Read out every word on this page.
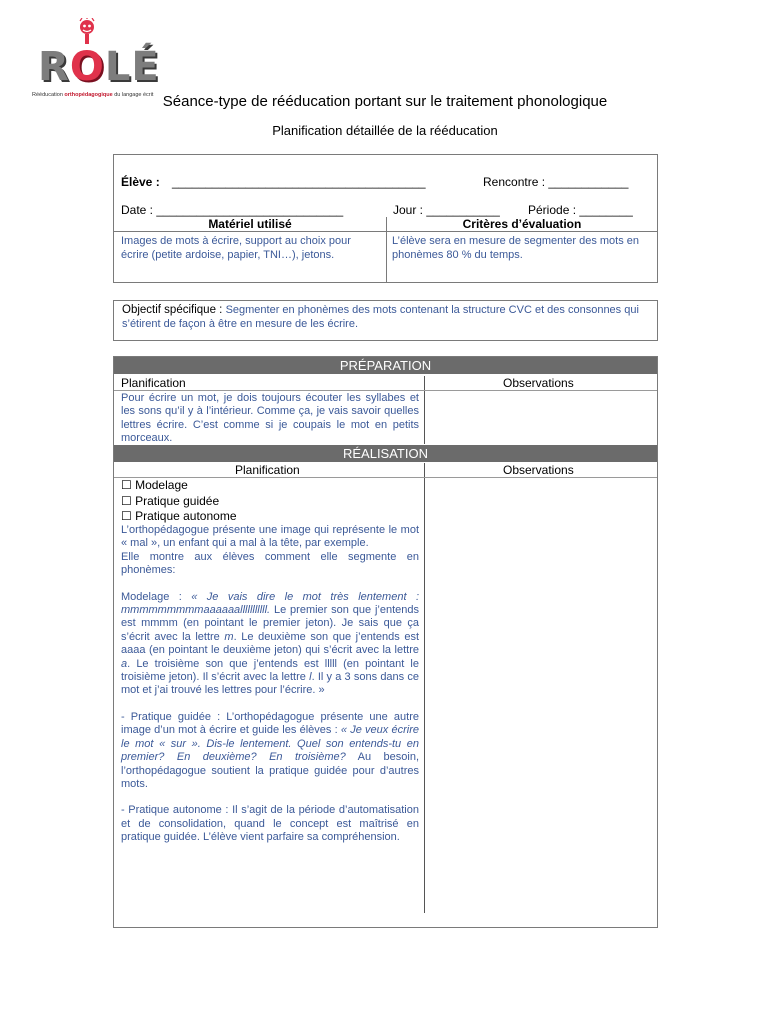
ROLÉ
Rééducation orthopédagogique du langage écrit Séance-type de rééducation portant sur le traitement phonologique
Planification détaillée de la rééducation
Élève : ______________________________________	Rencontre : ____________
Date : ____________________________	Jour : ___________ Période : ________
Matériel utilisé	Critères d’évaluation
Images de mots à écrire, support au choix pour écrire (petite ardoise, papier, TNI…), jetons.
L’élève sera en mesure de segmenter des mots en phonèmes 80 % du temps.
Objectif spécifique : Segmenter en phonèmes des mots contenant la structure CVC et des consonnes qui s’étirent de façon à être en mesure de les écrire.
PRÉPARATION
Planification	Observations
Pour écrire un mot, je dois toujours écouter les syllabes et les sons qu’il y à l’intérieur. Comme ça, je vais savoir quelles lettres écrire. C’est comme si je coupais le mot en petits morceaux.
RÉALISATION
Planification	Observations
☐ Modelage
☐ Pratique guidée
☐ Pratique autonome

L’orthopédagogue présente une image qui représente le mot « mal », un enfant qui a mal à la tête, par exemple.

Elle montre aux élèves comment elle segmente en phonèmes:

Modelage : « Je vais dire le mot très lentement : mmmmmmmmmaaaaaalllllllllll. Le premier son que j’entends est mmmm (en pointant le premier jeton). Je sais que ça s’écrit avec la lettre m. Le deuxième son que j’entends est aaaa (en pointant le deuxième jeton) qui s’écrit avec la lettre a. Le troisième son que j’entends est lllll (en pointant le troisième jeton). Il s’écrit avec la lettre l. Il y a 3 sons dans ce mot et j’ai trouvé les lettres pour l’écrire. »

- Pratique guidée : L’orthopédagogue présente une autre image d’un mot à écrire et guide les élèves : « Je veux écrire le mot « sur ». Dis-le lentement. Quel son entends-tu en premier? En deuxième? En troisième? Au besoin, l’orthopédagogue soutient la pratique guidée pour d’autres mots.

- Pratique autonome : Il s’agit de la période d’automatisation et de consolidation, quand le concept est maîtrisé en pratique guidée. L’élève vient parfaire sa compréhension.
